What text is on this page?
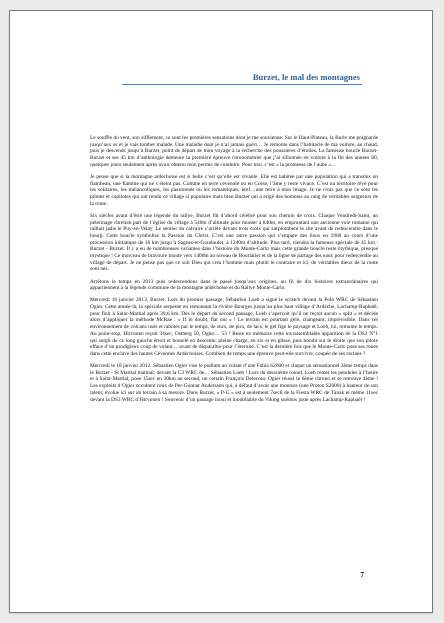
Burzet, le mal des montagnes

Le souffle du vent, son sifflement, ce sont les premières sensations dont je me souvienne. Sur le Haut-Plateau, la Burle me poignarde jusqu’aux os et je vais tomber malade. Une maladie dont je n’ai jamais guéri… Je remonte dans l’habitacle de ma voiture, au chaud, puis je descends jusqu’à Burzet, point de départ de mon voyage à la recherche des poussières d’étoiles. La fameuse boucle Burzet-Burzet et ses 45 km d’anthologie demeure la première épreuve chronométrée que j’ai sillonnée en voiture à la fin des années 80, quelques jours seulement après avoir obtenu mon permis de conduire. Pour moi, c’est « la promesse de l’aube »…

Je pense que si la montagne ardéchoise est si belle c’est qu’elle est vivante. Elle est habitée par une population qui a transmis un flambeau, une flamme qui ne s’éteint pas. Comme en terre cévenole ou en Corse, l’âme y reste vivace. C’est un territoire rêvé pour les solitaires, les mélancoliques, les passionnés ou les romantiques, bref…une terre à mon image. Je ne crois pas que ce sont les pilotes et copilotes qui ont rendu ce village si populaire mais bien Burzet qui a érigé des hommes au rang de véritables seigneurs de la route.

Six siècles avant d’être une légende du rallye, Burzet fût d’abord célébré pour son chemin de croix. Chaque Vendredi-Saint, un pèlerinage chrétien part de l’église du village à 540m d’altitude pour monter à 840m, en empruntant une ancienne voie romaine qui ralliait jadis le Puy-en-Velay. Le sentier du calvaire s’arrête devant trois croix qui surplombent le site avant de redescendre dans le bourg. Cette boucle symbolise la Passion du Christ. C’est une autre passion qui s’empare des lieux en 1968 au cours d’une procession initiatique de 16 km jusqu’à Sagnes-et-Goudoulet, à 1240m d’altitude. Plus tard, viendra la fameuse spéciale de 45 km : Burzet - Burzet. Il y a eu de nombreuses variantes dans l’histoire du Monte-Carlo mais cette grande boucle reste mythique, presque mystique ! Ce morceau de bravoure monte vers 1400m au niveau de Bourlatier et de la ligne de partage des eaux pour redescendre au village de départ. Je ne pense pas que ce soit Dieu qui créa l’homme mais plutôt le contraire et ici, de véritables dieux de la route sont nés.

Arrêtons le temps en 2013 puis redescendons dans le passé jusqu’aux origines, au fil de dix histoires extraordinaires qui appartiennent à la légende commune de la montagne ardéchoise et du Rallye Monte-Carlo.

Mercredi 16 janvier 2013, Burzet. Lors du premier passage, Sébastien Loeb a signé le scratch devant la Polo WRC de Sébastien Ogier. Cette année-là, la spéciale serpente en remontant la rivière Bourges jusqu’au plus haut village d’Ardèche, Lachamp-Raphaël, pour finir à Saint-Martial après 30,6 km. Dès le départ du second passage, Loeb s’aperçoit qu’il ne reçoit aucun « split » et décide alors d’appliquer la méthode McRae : « If in doubt, flat out » ! Le terrain est pourtant gelé, changeant, imprévisible. Dans cet environnement de volcans usés et rabotés par le temps, de sucs, de pics, de lacs, le gel fige le paysage et Loeb, lui, remonte le temps. Au point-stop, Hirvonen reçoit 34sec, Ostberg 50, Ogier… 53 ! Reste en mémoire cette invraisemblable apparition de la DS3 N°1 qui surgit de ce long gauche étroit et bosselé en descente, pleine charge, en six et en glisse, puis bondit sur le droite que son pilote efface d’un prodigieux coup de volant… avant de disparaître pour l’éternité. C’est la dernière fois que le Monte-Carlo pose ses roues dans cette enclave des hautes Cévennes Ardéchoises. Combien de temps une épreuve peut-elle survivre, coupée de ses racines ?

Mercredi le 18 janvier 2012. Sébastien Ogier vise le podium au volant d’une Fabia S2000 et claque un sensationnel 3ème temps dans le Burzet - St Martial matinal, devant la C3 WRC de… Sébastien Loeb ! Lors du deuxième round, Loeb remet les pendules à l’heure et à Saint-Martial, pose 15sec en 30km au second, un certain François Delecour. Ogier réussi le 6ème chrono et se retrouve 4ème ! Les exploits d’Ogier occultent ceux de Per-Gunnar Andersson qui, à défaut d’avoir une monture (une Proton S2000) à hauteur de son talent, évolue ici sur un terrain à sa mesure. Dans Burzet, « P-G » est à seulement 7sec8 de la Fiesta WRC de Tänak et même 11sec devant la DS3 WRC d’Hirvonen ! Souvenir d’un passage inoui et inoubliable du Viking suédois juste après Lachamp-Raphaël !

7
